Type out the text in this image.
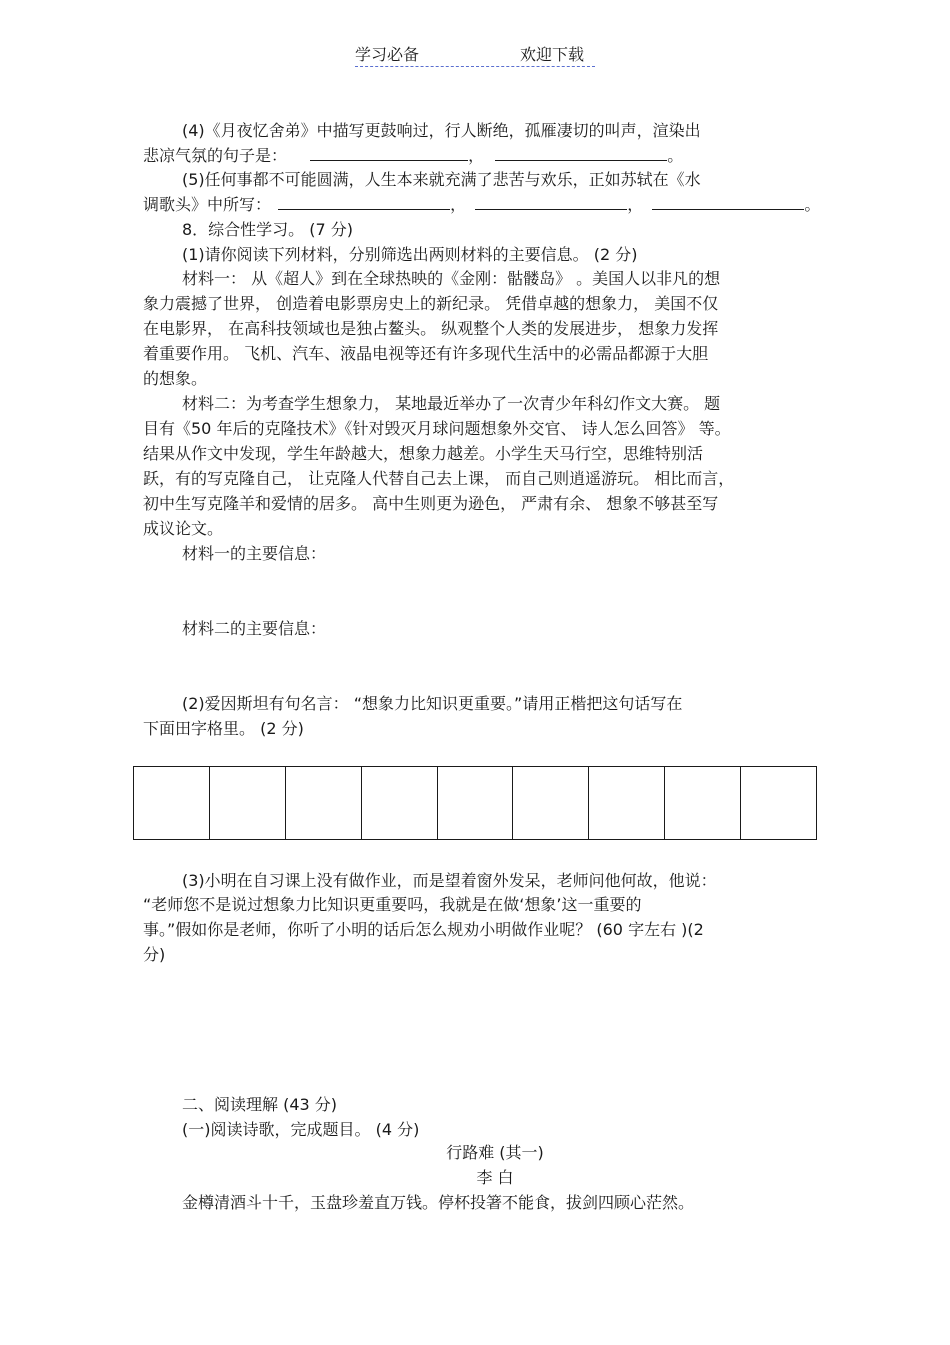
学习必备	欢迎下载
(4)《月夜忆舍弟》中描写更鼓响过，行人断绝，孤雁凄切的叫声，渲染出
悲凉气氛的句子是：	，	。
(5)任何事都不可能圆满，人生本来就充满了悲苦与欢乐，正如苏轼在《水
调歌头》中所写：	，	，	。
8．综合性学习。 (7 分)
(1)请你阅读下列材料，分别筛选出两则材料的主要信息。 (2 分)
材料一： 从《超人》到在全球热映的《金刚：骷髅岛》 。美国人以非凡的想
象力震撼了世界， 创造着电影票房史上的新纪录。 凭借卓越的想象力， 美国不仅
在电影界， 在高科技领域也是独占鳌头。 纵观整个人类的发展进步， 想象力发挥
着重要作用。 飞机、汽车、液晶电视等还有许多现代生活中的必需品都源于大胆
的想象。
材料二：为考查学生想象力， 某地最近举办了一次青少年科幻作文大赛。 题
目有《50 年后的克隆技术》《针对毁灭月球问题想象外交官、 诗人怎么回答》 等。
结果从作文中发现，学生年龄越大，想象力越差。小学生天马行空，思维特别活
跃，有的写克隆自己， 让克隆人代替自己去上课， 而自己则逍遥游玩。 相比而言，
初中生写克隆羊和爱情的居多。 高中生则更为逊色， 严肃有余、 想象不够甚至写
成议论文。
材料一的主要信息：
材料二的主要信息：
(2)爱因斯坦有句名言： “想象力比知识更重要。”请用正楷把这句话写在
下面田字格里。 (2 分)
(3)小明在自习课上没有做作业，而是望着窗外发呆，老师问他何故，他说：
“老师您不是说过想象力比知识更重要吗，我就是在做‘想象’这一重要的
事。”假如你是老师，你听了小明的话后怎么规劝小明做作业呢？ (60 字左右 )(2
分)
二、阅读理解 (43 分)
(一)阅读诗歌，完成题目。 (4 分)
行路难 (其一)
李 白
金樽清酒斗十千，玉盘珍羞直万钱。停杯投箸不能食，拔剑四顾心茫然。
